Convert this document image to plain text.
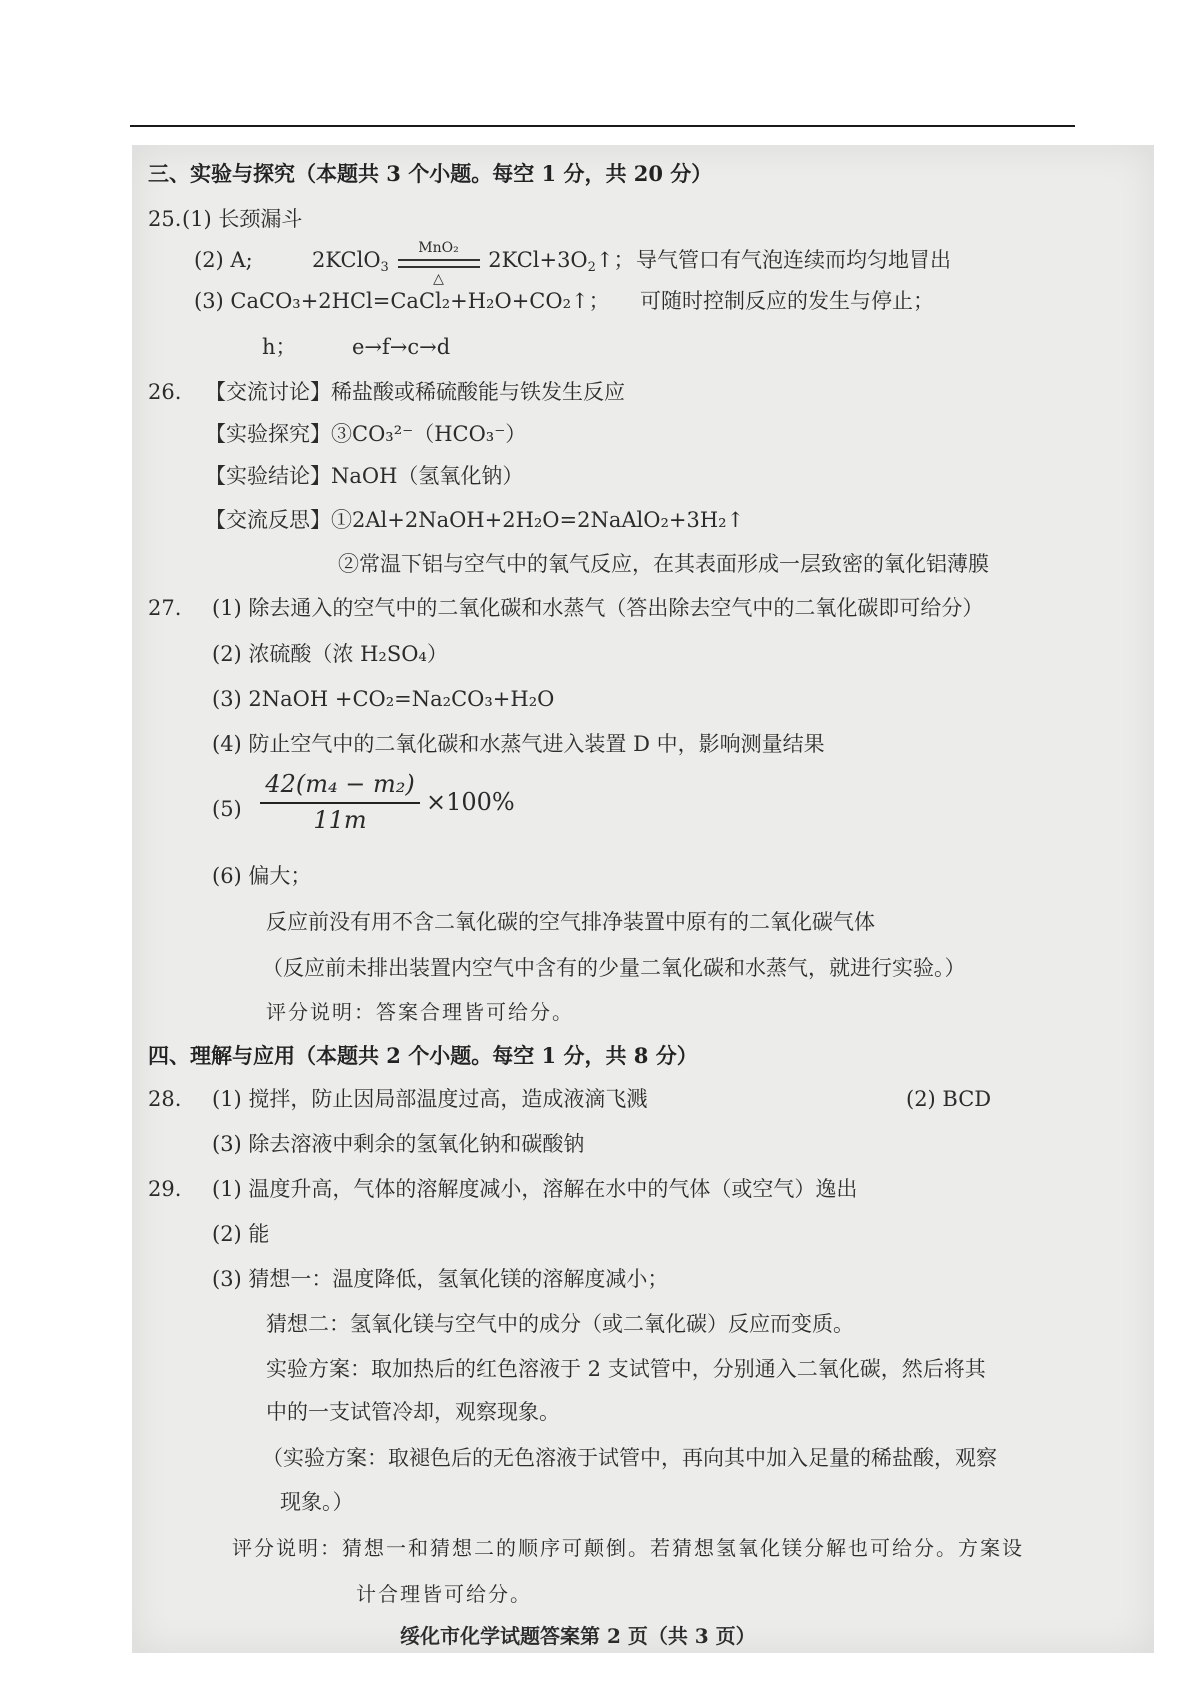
三、实验与探究（本题共 3 个小题。每空 1 分，共 20 分）
25. (1) 长颈漏斗
(2) A;	2KClO$_3$
MnO₂
△
$2KCl+3O_2↑$； 导气管口有气泡连续而均匀地冒出
(3) CaCO₃+2HCl=CaCl₂+H₂O+CO₂↑； 可随时控制反应的发生与停止；
h；	e→f→c→d
26. 【交流讨论】稀盐酸或稀硫酸能与铁发生反应
【实验探究】③CO₃²⁻（HCO₃⁻）
【实验结论】NaOH（氢氧化钠）
【交流反思】①2Al+2NaOH+2H₂O=2NaAlO₂+3H₂↑
②常温下铝与空气中的氧气反应，在其表面形成一层致密的氧化铝薄膜
27. (1) 除去通入的空气中的二氧化碳和水蒸气（答出除去空气中的二氧化碳即可给分）
(2) 浓硫酸（浓 H₂SO₄）
(3) 2NaOH +CO₂=Na₂CO₃+H₂O
(4) 防止空气中的二氧化碳和水蒸气进入装置 D 中，影响测量结果
(5)
42(m₄ − m₂)
11m
×100%
(6) 偏大；
反应前没有用不含二氧化碳的空气排净装置中原有的二氧化碳气体
（反应前未排出装置内空气中含有的少量二氧化碳和水蒸气，就进行实验。）
评分说明：答案合理皆可给分。
四、理解与应用（本题共 2 个小题。每空 1 分，共 8 分）
28. (1) 搅拌，防止因局部温度过高，造成液滴飞溅	(2) BCD
(3) 除去溶液中剩余的氢氧化钠和碳酸钠
29. (1) 温度升高，气体的溶解度减小，溶解在水中的气体（或空气）逸出
(2) 能
(3) 猜想一：温度降低，氢氧化镁的溶解度减小；
猜想二：氢氧化镁与空气中的成分（或二氧化碳）反应而变质。
实验方案：取加热后的红色溶液于 2 支试管中，分别通入二氧化碳，然后将其
中的一支试管冷却，观察现象。
（实验方案：取褪色后的无色溶液于试管中，再向其中加入足量的稀盐酸，观察
现象。）
评分说明：猜想一和猜想二的顺序可颠倒。若猜想氢氧化镁分解也可给分。方案设
计合理皆可给分。
绥化市化学试题答案第 2 页（共 3 页）
